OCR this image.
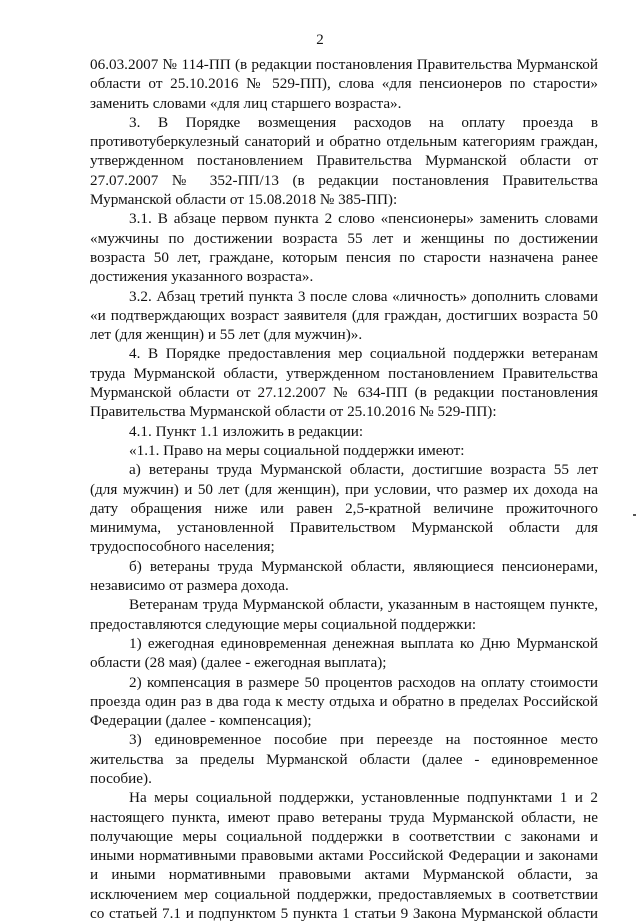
2
06.03.2007 № 114-ПП (в редакции постановления Правительства Мурманской
области от 25.10.2016 № 529-ПП), слова «для пенсионеров по старости»
заменить словами «для лиц старшего возраста».
3. В Порядке возмещения расходов на оплату проезда в
противотуберкулезный санаторий и обратно отдельным категориям граждан,
утвержденном постановлением Правительства Мурманской области от
27.07.2007 № 352-ПП/13 (в редакции постановления Правительства
Мурманской области от 15.08.2018 № 385-ПП):
3.1. В абзаце первом пункта 2 слово «пенсионеры» заменить словами
«мужчины по достижении возраста 55 лет и женщины по достижении
возраста 50 лет, граждане, которым пенсия по старости назначена ранее
достижения указанного возраста».
3.2. Абзац третий пункта 3 после слова «личность» дополнить словами
«и подтверждающих возраст заявителя (для граждан, достигших возраста 50
лет (для женщин) и 55 лет (для мужчин)».
4. В Порядке предоставления мер социальной поддержки ветеранам
труда Мурманской области, утвержденном постановлением Правительства
Мурманской области от 27.12.2007 № 634-ПП (в редакции постановления
Правительства Мурманской области от 25.10.2016 № 529-ПП):
4.1. Пункт 1.1 изложить в редакции:
«1.1. Право на меры социальной поддержки имеют:
а) ветераны труда Мурманской области, достигшие возраста 55 лет
(для мужчин) и 50 лет (для женщин), при условии, что размер их дохода на
дату обращения ниже или равен 2,5-кратной величине прожиточного
минимума, установленной Правительством Мурманской области для
трудоспособного населения;
б) ветераны труда Мурманской области, являющиеся пенсионерами,
независимо от размера дохода.
Ветеранам труда Мурманской области, указанным в настоящем пункте,
предоставляются следующие меры социальной поддержки:
1) ежегодная единовременная денежная выплата ко Дню Мурманской
области (28 мая) (далее - ежегодная выплата);
2) компенсация в размере 50 процентов расходов на оплату стоимости
проезда один раз в два года к месту отдыха и обратно в пределах Российской
Федерации (далее - компенсация);
3) единовременное пособие при переезде на постоянное место
жительства за пределы Мурманской области (далее - единовременное
пособие).
На меры социальной поддержки, установленные подпунктами 1 и 2
настоящего пункта, имеют право ветераны труда Мурманской области, не
получающие меры социальной поддержки в соответствии с законами и
иными нормативными правовыми актами Российской Федерации и законами
и иными нормативными правовыми актами Мурманской области, за
исключением мер социальной поддержки, предоставляемых в соответствии
со статьей 7.1 и подпунктом 5 пункта 1 статьи 9 Закона Мурманской области
